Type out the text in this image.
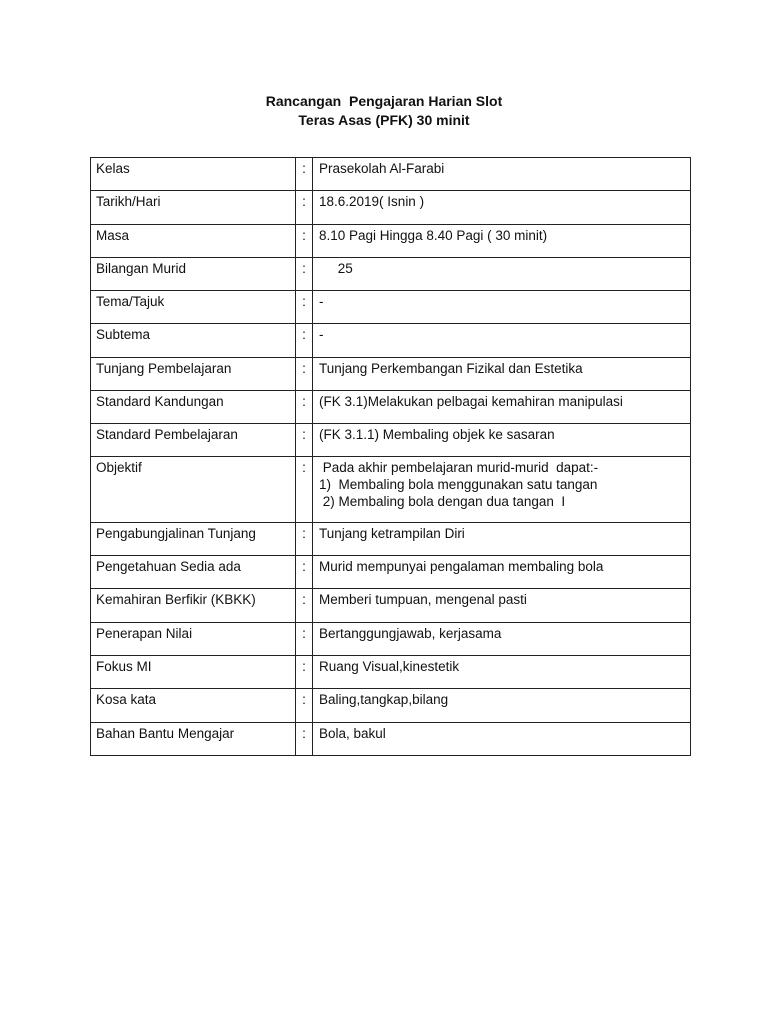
Rancangan  Pengajaran Harian Slot
Teras Asas (PFK) 30 minit
Kelas	:	Prasekolah Al-Farabi

Tarikh/Hari	:	18.6.2019( Isnin )

Masa	:	8.10 Pagi Hingga 8.40 Pagi ( 30 minit)

Bilangan Murid	:	25

Tema/Tajuk	:	-

Subtema	:	-

Tunjang Pembelajaran	:	Tunjang Perkembangan Fizikal dan Estetika

Standard Kandungan	:	(FK 3.1)Melakukan pelbagai kemahiran manipulasi

Standard Pembelajaran	:	(FK 3.1.1) Membaling objek ke sasaran

Objektif	:	Pada akhir pembelajaran murid-murid  dapat:-
1)  Membaling bola menggunakan satu tangan
2) Membaling bola dengan dua tangan  I

Pengabungjalinan Tunjang	:	Tunjang ketrampilan Diri

Pengetahuan Sedia ada	:	Murid mempunyai pengalaman membaling bola

Kemahiran Berfikir (KBKK)	:	Memberi tumpuan, mengenal pasti

Penerapan Nilai	:	Bertanggungjawab, kerjasama

Fokus MI	:	Ruang Visual,kinestetik

Kosa kata	:	Baling,tangkap,bilang

Bahan Bantu Mengajar	:	Bola, bakul
